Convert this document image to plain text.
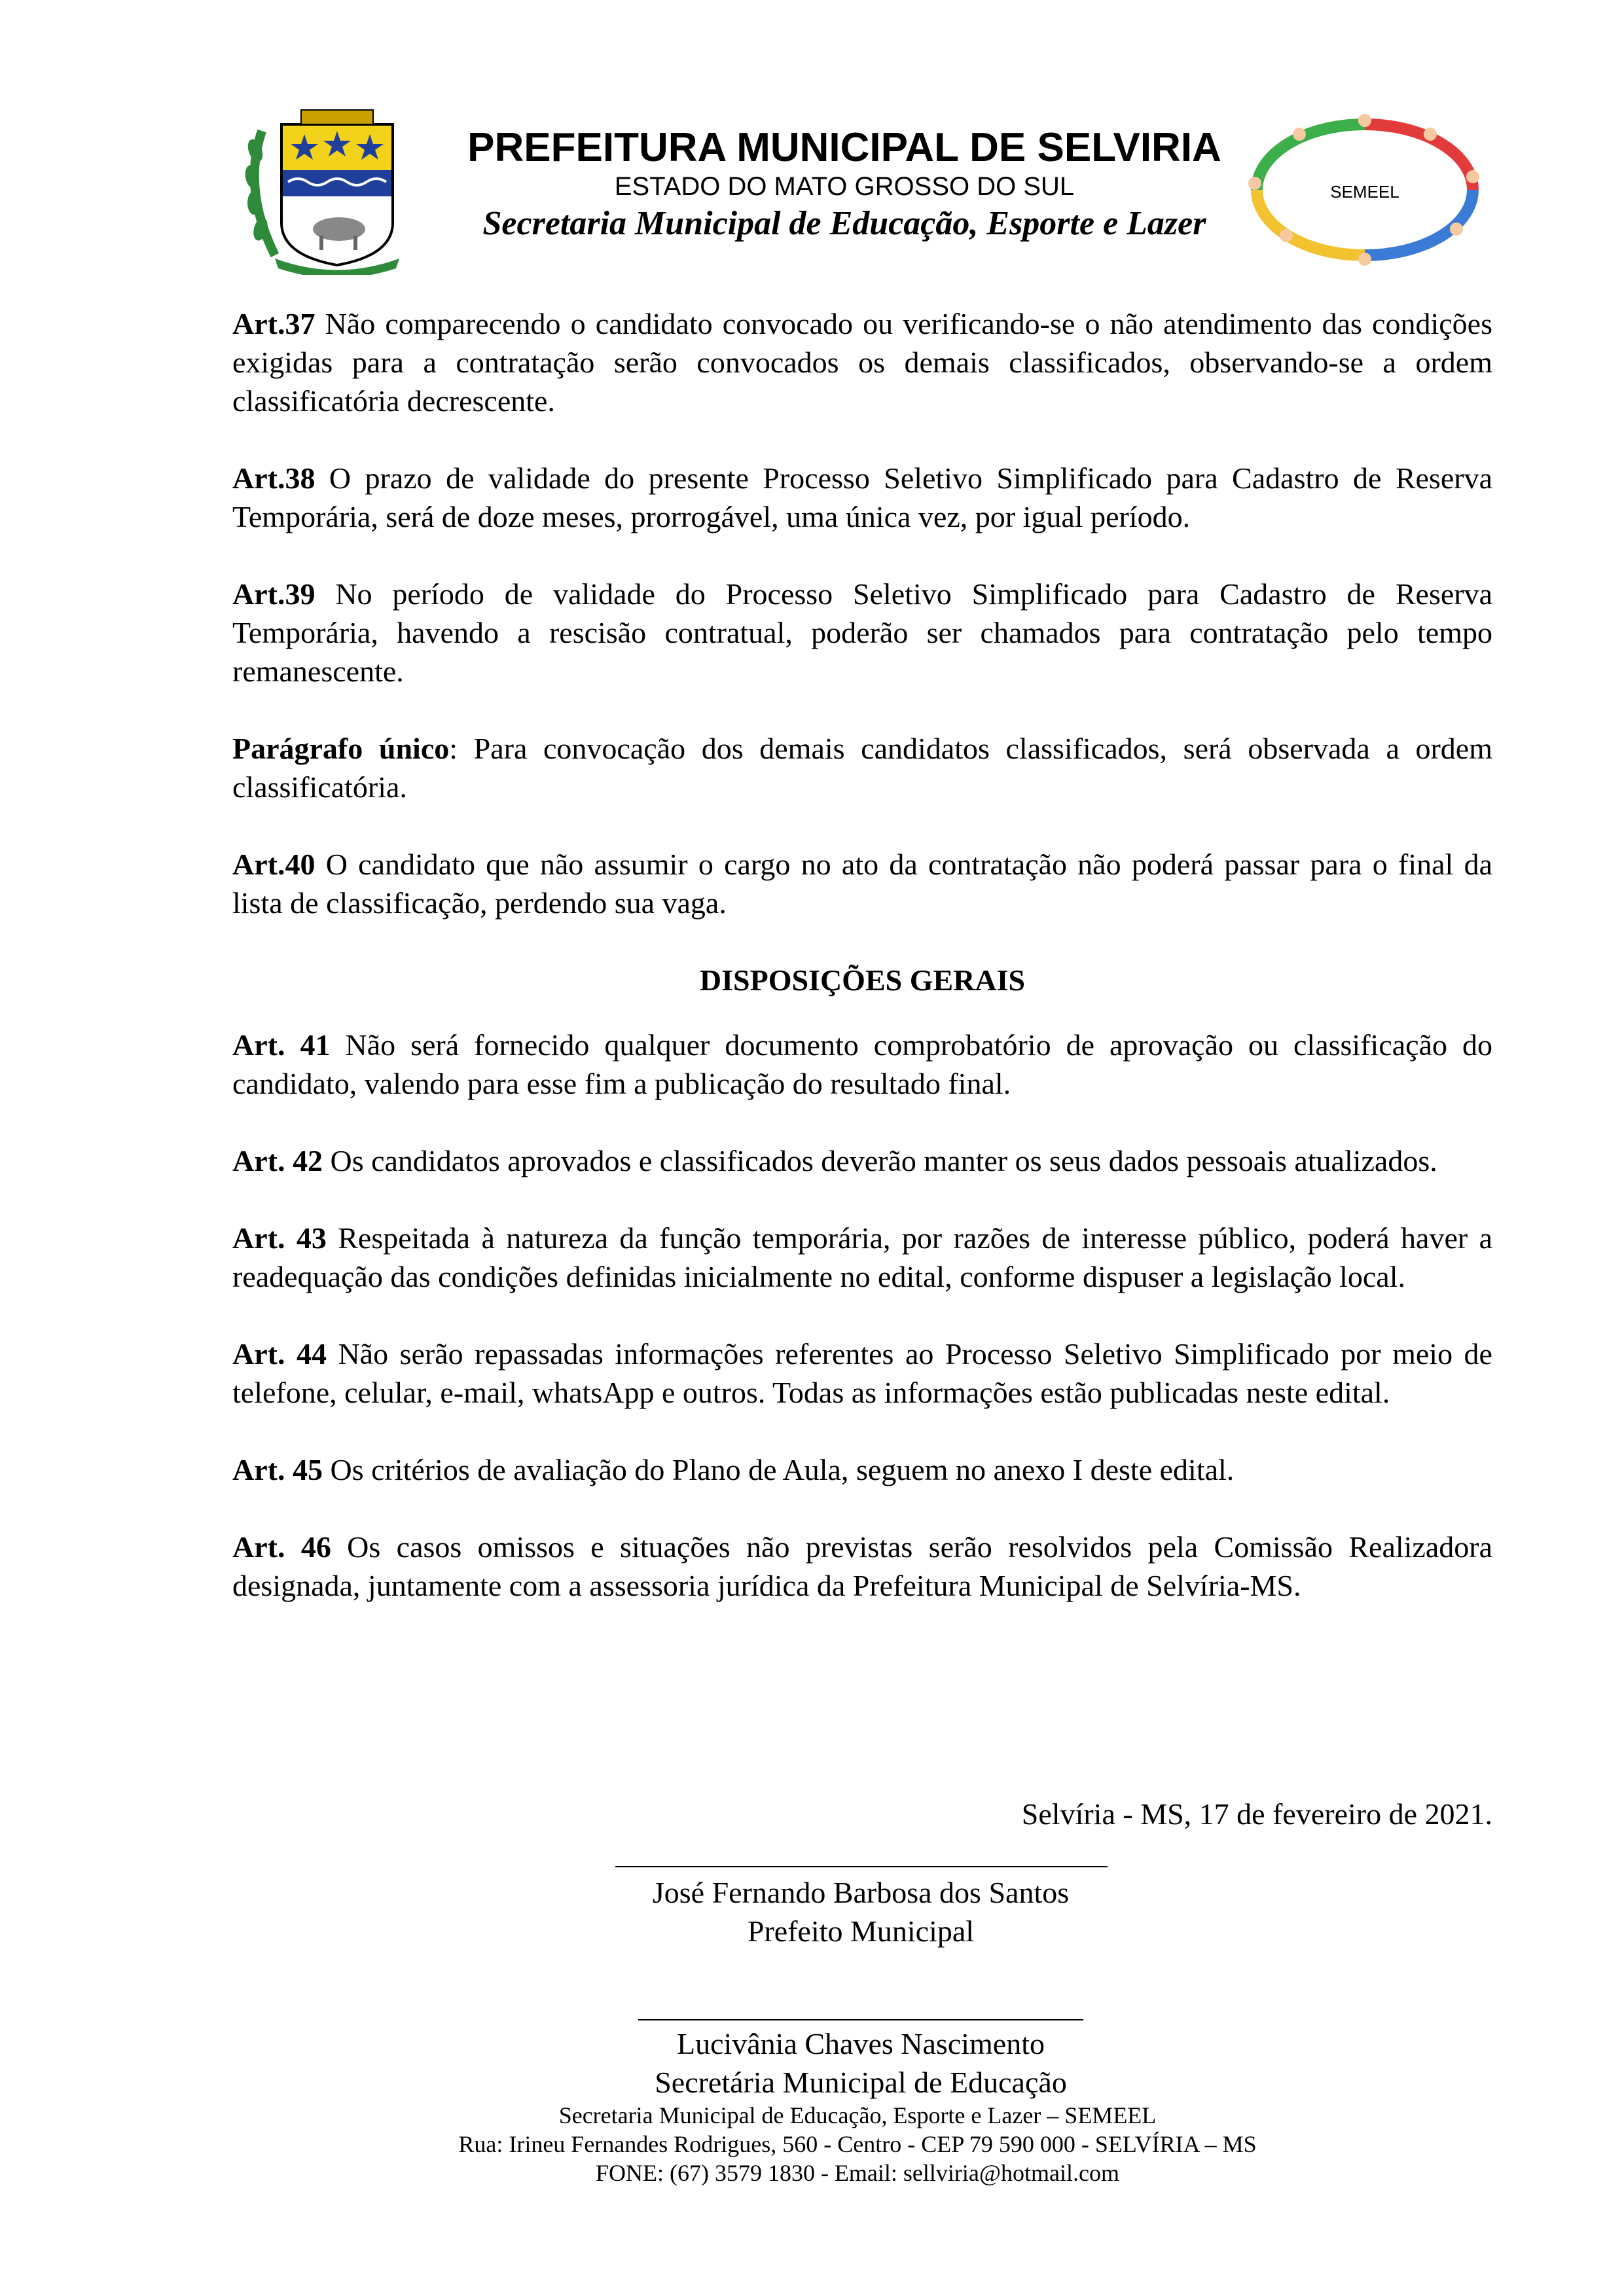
PREFEITURA MUNICIPAL DE SELVIRIA
ESTADO DO MATO GROSSO DO SUL
Secretaria Municipal de Educação, Esporte e Lazer
SEMEEL

Art.37 Não comparecendo o candidato convocado ou verificando-se o não atendimento das condições exigidas para a contratação serão convocados os demais classificados, observando-se a ordem classificatória decrescente.

Art.38 O prazo de validade do presente Processo Seletivo Simplificado para Cadastro de Reserva Temporária, será de doze meses, prorrogável, uma única vez, por igual período.

Art.39 No período de validade do Processo Seletivo Simplificado para Cadastro de Reserva Temporária, havendo a rescisão contratual, poderão ser chamados para contratação pelo tempo remanescente.

Parágrafo único: Para convocação dos demais candidatos classificados, será observada a ordem classificatória.

Art.40 O candidato que não assumir o cargo no ato da contratação não poderá passar para o final da lista de classificação, perdendo sua vaga.

DISPOSIÇÕES GERAIS

Art. 41 Não será fornecido qualquer documento comprobatório de aprovação ou classificação do candidato, valendo para esse fim a publicação do resultado final.

Art. 42 Os candidatos aprovados e classificados deverão manter os seus dados pessoais atualizados.

Art. 43 Respeitada à natureza da função temporária, por razões de interesse público, poderá haver a readequação das condições definidas inicialmente no edital, conforme dispuser a legislação local.

Art. 44 Não serão repassadas informações referentes ao Processo Seletivo Simplificado por meio de telefone, celular, e-mail, whatsApp e outros. Todas as informações estão publicadas neste edital.

Art. 45 Os critérios de avaliação do Plano de Aula, seguem no anexo I deste edital.

Art. 46 Os casos omissos e situações não previstas serão resolvidos pela Comissão Realizadora designada, juntamente com a assessoria jurídica da Prefeitura Municipal de Selvíria-MS.

Selvíria - MS, 17 de fevereiro de 2021.
José Fernando Barbosa dos Santos
Prefeito Municipal
Lucivânia Chaves Nascimento
Secretária Municipal de Educação
Secretaria Municipal de Educação, Esporte e Lazer – SEMEEL
Rua: Irineu Fernandes Rodrigues, 560 - Centro - CEP 79 590 000 - SELVÍRIA – MS
FONE: (67) 3579 1830 - Email: sellviria@hotmail.com
